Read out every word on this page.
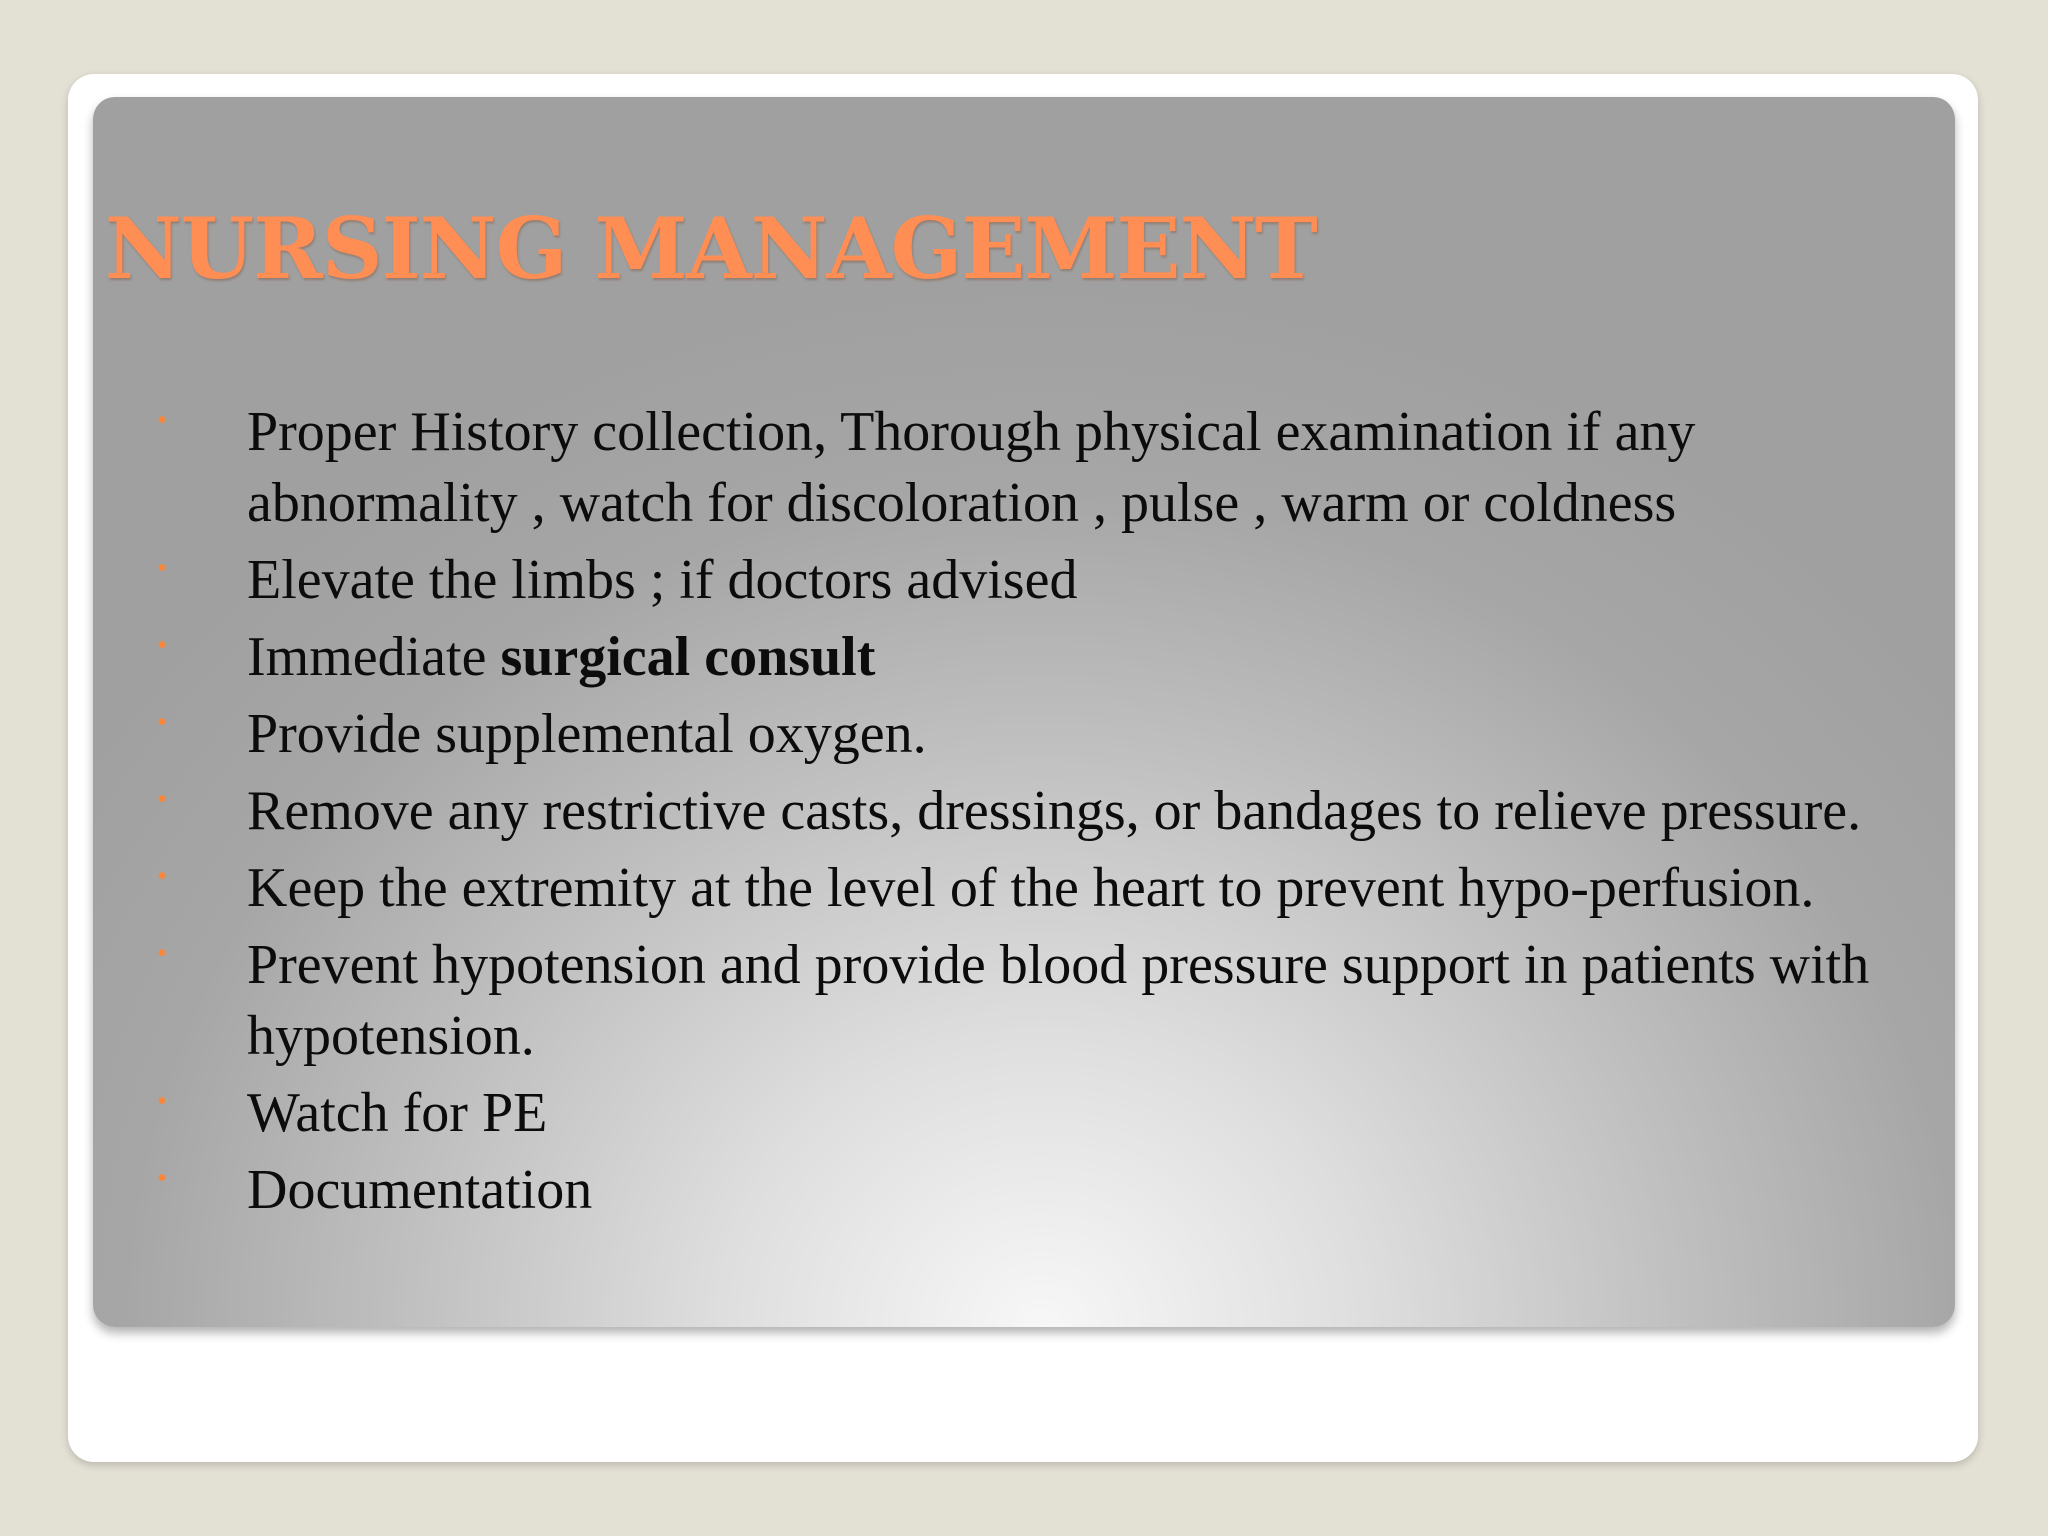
NURSING MANAGEMENT
• Proper History collection, Thorough physical examination if any abnormality , watch for discoloration , pulse , warm or coldness
• Elevate the limbs ; if doctors advised
• Immediate surgical consult
• Provide supplemental oxygen.
• Remove any restrictive casts, dressings, or bandages to relieve pressure.
• Keep the extremity at the level of the heart to prevent hypo-perfusion.
• Prevent hypotension and provide blood pressure support in patients with hypotension.
• Watch for PE
• Documentation
